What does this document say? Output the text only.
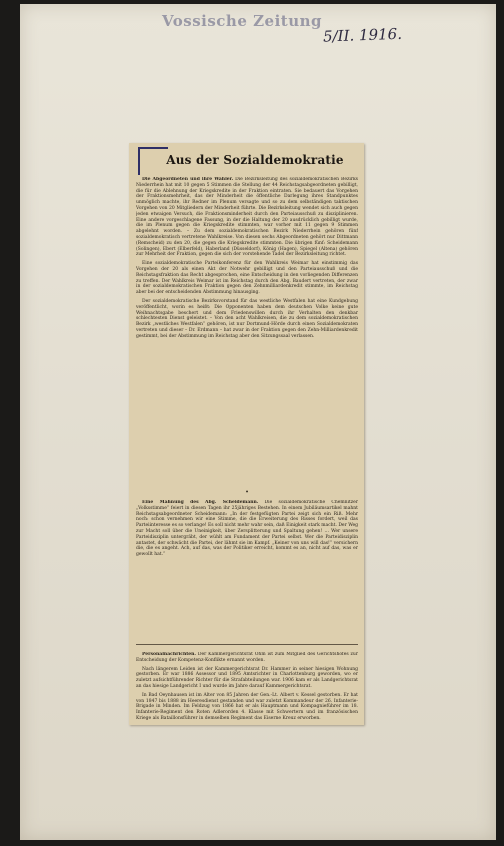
Vossische Zeitung
5/II. 1916.
Aus der Sozialdemokratie

Die Abgeordneten und ihre Wähler. Die Bezirksleitung des sozialdemokratischen Bezirks Niederrhein hat mit 10 gegen 5 Stimmen die Stellung der 44 Reichstagsabgeordneten gebilligt, die für die Ablehnung der Kriegskredite in der Fraktion eintraten. Sie bedauert das Vorgehen der Fraktionsmehrheit, das der Minderheit die öffentliche Darlegung ihres Standpunktes unmöglich machte, ihr Redner im Plenum versagte und so zu dem selbständigen taktischen Vorgehen von 20 Mitgliedern der Minderheit führte. Die Bezirksleitung wendet sich auch gegen jeden etwaigen Versuch, die Fraktionsminderheit durch den Parteiausschuß zu disziplinieren. Eine andere vorgeschlagene Fassung, in der die Haltung der 20 ausdrücklich gebilligt wurde, die im Plenum gegen die Kriegskredite stimmten, war vorher mit 11 gegen 9 Stimmen abgelehnt worden. – Zu dem sozialdemokratischen Bezirk Niederrhein gehören fünf sozialdemokratisch vertretene Wahlkreise. Von diesen sechs Abgeordneten gehört nur Dittmann (Remscheid) zu den 20, die gegen die Kriegskredite stimmten. Die übrigen fünf: Scheidemann (Solingen), Ebert (Elberfeld), Haberland (Düsseldorf), König (Hagen), Spiegel (Altena) gehören zur Mehrheit der Fraktion, gegen die sich der vorstehende Tadel der Bezirksleitung richtet.

Eine sozialdemokratische Parteikonferenz für den Wahlkreis Weimar hat einstimmig das Vorgehen der 20 als einen Akt der Notwehr gebilligt und den Parteiausschuß und die Reichstagsfraktion das Recht abgesprochen, eine Entscheidung in den vorliegenden Differenzen zu treffen. Der Wahlkreis Weimar ist im Reichstag durch den Abg. Baudert vertreten, der zwar in der sozialdemokratischen Fraktion gegen den Zehnmilliardenkredit stimmte, im Reichstag aber bei der entscheidenden Abstimmung hinausging.

Der sozialdemokratische Bezirksvorstand für das westliche Westfalen hat eine Kundgebung veröffentlicht, worin es heißt: Die Opponenten haben dem deutschen Volke keine gute Weihnachtsgabe beschert und dem Friedenswillen durch ihr Verhalten den denkbar schlechtesten Dienst geleistet. – Von den acht Wahlkreisen, die zu dem sozialdemokratischen Bezirk „westliches Westfalen“ gehören, ist nur Dortmund-Hörde durch einen Sozialdemokraten vertreten und dieser – Dr. Erdmann – hat zwar in der Fraktion gegen den Zehn-Milliardenkredit gestimmt, bei der Abstimmung im Reichstag aber den Sitzungssaal verlassen.

•

Eine Mahnung des Abg. Scheidemann. Die sozialdemokratische Chemnitzer „Volksstimme“ feiert in diesen Tagen ihr 25jähriges Bestehen. In einem Jubiläumsartikel mahnt Reichstagsabgeordneter Scheidemann: „In der festgefügten Partei zeigt sich ein Riß. Mehr noch: schon vernehmen wir eine Stimme, die die Erweiterung des Risses fordert, weil das Parteiinteresse es so verlange! Es soll nicht mehr wahr sein, daß Einigkeit stark macht. Der Weg zur Macht soll über die Uneinigkeit, über Zersplitterung und Spaltung gehen! … Wer unsere Parteidisziplin untergräbt, der wühlt am Fundament der Partei selbst. Wer die Parteidisziplin antastet, der schwächt die Partei, der lähmt sie im Kampf. „Keiner von uns will das!“ versichern die, die es angeht. Ach, auf das, was der Politiker erreicht, kommt es an, nicht auf das, was er gewollt hat.“

Personalnachrichten. Der Kammergerichtsrat Ohm ist zum Mitglied des Gerichtshofes zur Entscheidung der Kompetenz-Konflikte ernannt worden.

Nach längerem Leiden ist der Kammergerichtsrat Dr. Hammer in seiner hiesigen Wohnung gestorben. Er war 1886 Assessor und 1895 Amtsrichter in Charlottenburg geworden, wo er zuletzt aufsichtführender Richter für die Strafabteilungen war. 1906 kam er als Landgerichtsrat an das hiesige Landgericht I und wurde im Jahre darauf Kammergerichtsrat.

In Bad Oeynhausen ist im Alter von 85 Jahren der Gen.-Lt. Albert v. Kessel gestorben. Er hat von 1847 bis 1888 im Heeresdienst gestanden und war zuletzt Kommandeur der 26. Infanterie-Brigade in Minden. Im Feldzug von 1866 hat er als Hauptmann und Kompagnieführer im 18. Infanterie-Regiment den Roten Adlerorden 4. Klasse mit Schwertern und im französischen Kriege als Bataillonsführer in demselben Regiment das Eiserne Kreuz erworben.
